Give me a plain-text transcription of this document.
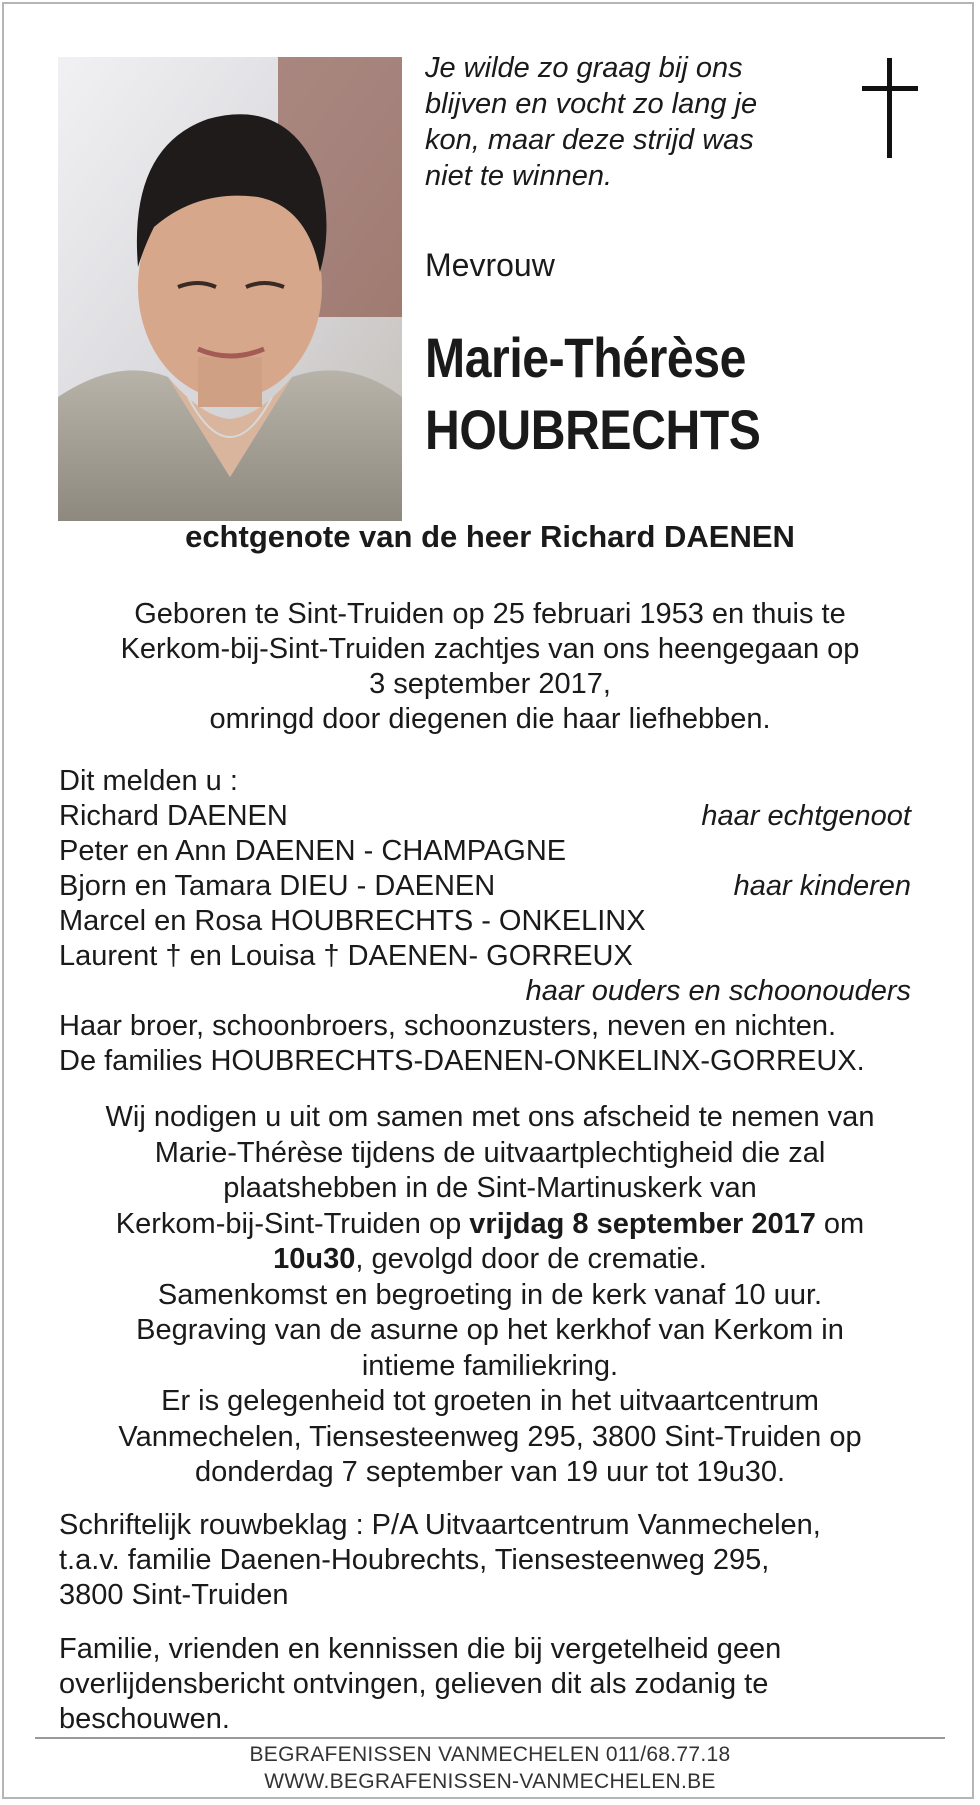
Je wilde zo graag bij ons
blijven en vocht zo lang je
kon, maar deze strijd was
niet te winnen.

Mevrouw

Marie-Thérèse
HOUBRECHTS

echtgenote van de heer Richard DAENEN

Geboren te Sint-Truiden op 25 februari 1953 en thuis te
Kerkom-bij-Sint-Truiden zachtjes van ons heengegaan op
3 september 2017,
omringd door diegenen die haar liefhebben.

Dit melden u :
Richard DAENEN	haar echtgenoot
Peter en Ann DAENEN - CHAMPAGNE
Bjorn en Tamara DIEU - DAENEN	haar kinderen
Marcel en Rosa HOUBRECHTS - ONKELINX
Laurent † en Louisa † DAENEN- GORREUX
haar ouders en schoonouders
Haar broer, schoonbroers, schoonzusters, neven en nichten.
De families HOUBRECHTS-DAENEN-ONKELINX-GORREUX.

Wij nodigen u uit om samen met ons afscheid te nemen van
Marie-Thérèse tijdens de uitvaartplechtigheid die zal
plaatshebben in de Sint-Martinuskerk van
Kerkom-bij-Sint-Truiden op vrijdag 8 september 2017 om
10u30, gevolgd door de crematie.
Samenkomst en begroeting in de kerk vanaf 10 uur.
Begraving van de asurne op het kerkhof van Kerkom in
intieme familiekring.
Er is gelegenheid tot groeten in het uitvaartcentrum
Vanmechelen, Tiensesteenweg 295, 3800 Sint-Truiden op
donderdag 7 september van 19 uur tot 19u30.

Schriftelijk rouwbeklag : P/A Uitvaartcentrum Vanmechelen,
t.a.v. familie Daenen-Houbrechts, Tiensesteenweg 295,
3800 Sint-Truiden

Familie, vrienden en kennissen die bij vergetelheid geen
overlijdensbericht ontvingen, gelieven dit als zodanig te
beschouwen.

BEGRAFENISSEN VANMECHELEN 011/68.77.18
WWW.BEGRAFENISSEN-VANMECHELEN.BE
